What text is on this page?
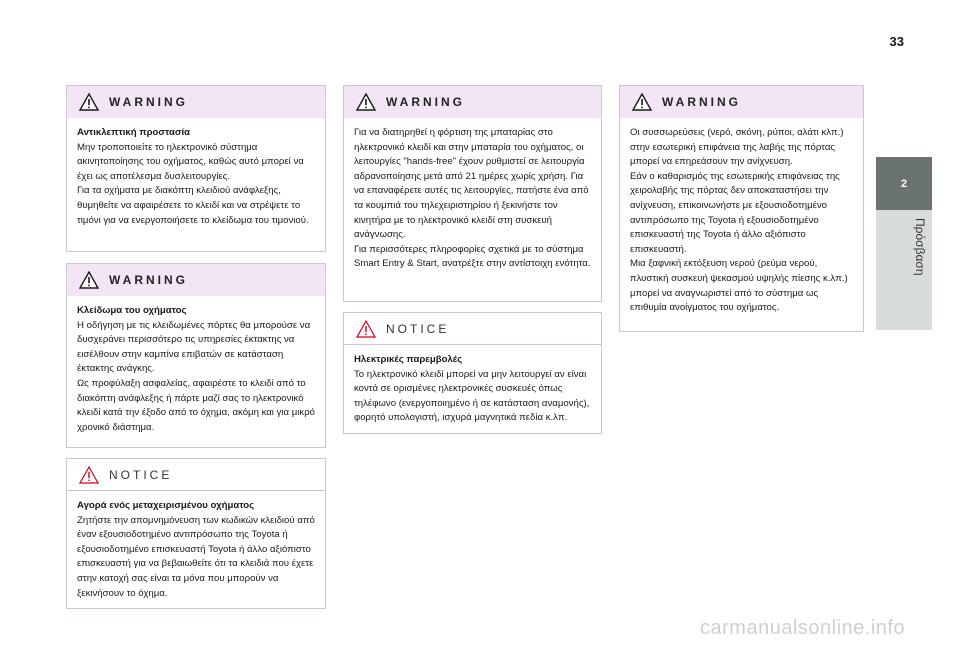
33
2
Πρόσβαση
WARNING
Αντικλεπτική προστασία
Μην τροποποιείτε το ηλεκτρονικό σύστημα ακινητοποίησης του οχήματος, καθώς αυτό μπορεί να έχει ως αποτέλεσμα δυσλειτουργίες.
Για τα οχήματα με διακόπτη κλειδιού ανάφλεξης, θυμηθείτε να αφαιρέσετε το κλειδί και να στρέψετε το τιμόνι για να ενεργοποιήσετε το κλείδωμα του τιμονιού.
WARNING
Κλείδωμα του οχήματος
Η οδήγηση με τις κλειδωμένες πόρτες θα μπορούσε να δυσχεράνει περισσότερο τις υπηρεσίες έκτακτης να εισέλθουν στην καμπίνα επιβατών σε κατάσταση έκτακτης ανάγκης.
Ως προφύλαξη ασφαλείας, αφαιρέστε το κλειδί από το διακόπτη ανάφλεξης ή πάρτε μαζί σας το ηλεκτρονικό κλειδί κατά την έξοδο από το όχημα, ακόμη και για μικρό χρονικό διάστημα.
NOTICE
Αγορά ενός μεταχειρισμένου οχήματος
Ζητήστε την απομνημόνευση των κωδικών κλειδιού από έναν εξουσιοδοτημένο αντιπρόσωπο της Toyota ή εξουσιοδοτημένο επισκευαστή Toyota ή άλλο αξιόπιστο επισκευαστή για να βεβαιωθείτε ότι τα κλειδιά που έχετε στην κατοχή σας είναι τα μόνα που μπορούν να ξεκινήσουν το όχημα.
WARNING
Για να διατηρηθεί η φόρτιση της μπαταρίας στο ηλεκτρονικό κλειδί και στην μπαταρία του οχήματος, οι λειτουργίες "hands-free" έχουν ρυθμιστεί σε λειτουργία αδρανοποίησης μετά από 21 ημέρες χωρίς χρήση. Για να επαναφέρετε αυτές τις λειτουργίες, πατήστε ένα από τα κουμπιά του τηλεχειριστηρίου ή ξεκινήστε τον κινητήρα με το ηλεκτρονικό κλειδί στη συσκευή ανάγνωσης.
Για περισσότερες πληροφορίες σχετικά με το σύστημα Smart Entry & Start, ανατρέξτε στην αντίστοιχη ενότητα.
NOTICE
Ηλεκτρικές παρεμβολές
Το ηλεκτρονικό κλειδί μπορεί να μην λειτουργεί αν είναι κοντά σε ορισμένες ηλεκτρονικές συσκευές όπως τηλέφωνο (ενεργοποιημένο ή σε κατάσταση αναμονής), φορητό υπολογιστή, ισχυρά μαγνητικά πεδία κ.λπ.
WARNING
Οι συσσωρεύσεις (νερό, σκόνη, ρύποι, αλάτι κλπ.) στην εσωτερική επιφάνεια της λαβής της πόρτας μπορεί να επηρεάσουν την ανίχνευση.
Εάν ο καθαρισμός της εσωτερικής επιφάνειας της χειρολαβής της πόρτας δεν αποκαταστήσει την ανίχνευση, επικοινωνήστε με εξουσιοδοτημένο αντιπρόσωπο της Toyota ή εξουσιοδοτημένο επισκευαστή της Toyota ή άλλο αξιόπιστο επισκευαστή.
Μια ξαφνική εκτόξευση νερού (ρεύμα νερού, πλυστική συσκευή ψεκασμού υψηλής πίεσης κ.λπ.) μπορεί να αναγνωριστεί από το σύστημα ως επιθυμία ανοίγματος του οχήματος.
carmanualsonline.info
